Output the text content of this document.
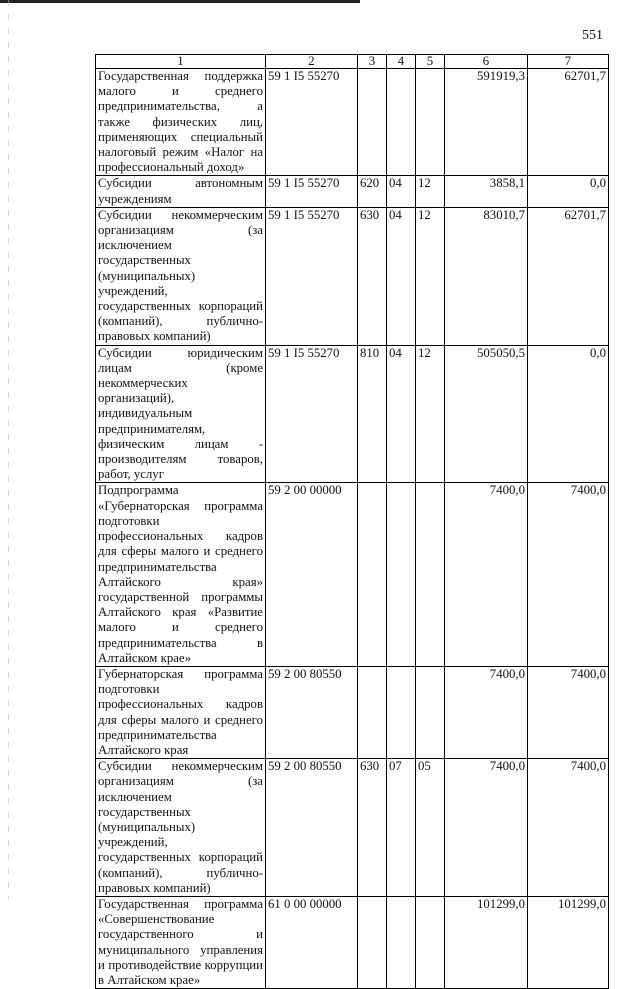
551
1	2	3	4	5	6	7
Государственная поддержка малого и среднего предпринимательства, а также физических лиц, применяющих специальный налоговый режим «Налог на профессиональный доход»	59 1 I5 55270				591919,3	62701,7
Субсидии автономным учреждениям	59 1 I5 55270	620	04	12	3858,1	0,0
Субсидии некоммерческим организациям (за исключением государственных (муниципальных) учреждений, государственных корпораций (компаний), публично-правовых компаний)	59 1 I5 55270	630	04	12	83010,7	62701,7
Субсидии юридическим лицам (кроме некоммерческих организаций), индивидуальным предпринимателям, физическим лицам - производителям товаров, работ, услуг	59 1 I5 55270	810	04	12	505050,5	0,0
Подпрограмма «Губернаторская программа подготовки профессиональных кадров для сферы малого и среднего предпринимательства Алтайского края» государственной программы Алтайского края «Развитие малого и среднего предпринимательства в Алтайском крае»	59 2 00 00000				7400,0	7400,0
Губернаторская программа подготовки профессиональных кадров для сферы малого и среднего предпринимательства Алтайского края	59 2 00 80550				7400,0	7400,0
Субсидии некоммерческим организациям (за исключением государственных (муниципальных) учреждений, государственных корпораций (компаний), публично-правовых компаний)	59 2 00 80550	630	07	05	7400,0	7400,0
Государственная программа «Совершенствование государственного и муниципального управления и противодействие коррупции в Алтайском крае»	61 0 00 00000				101299,0	101299,0
